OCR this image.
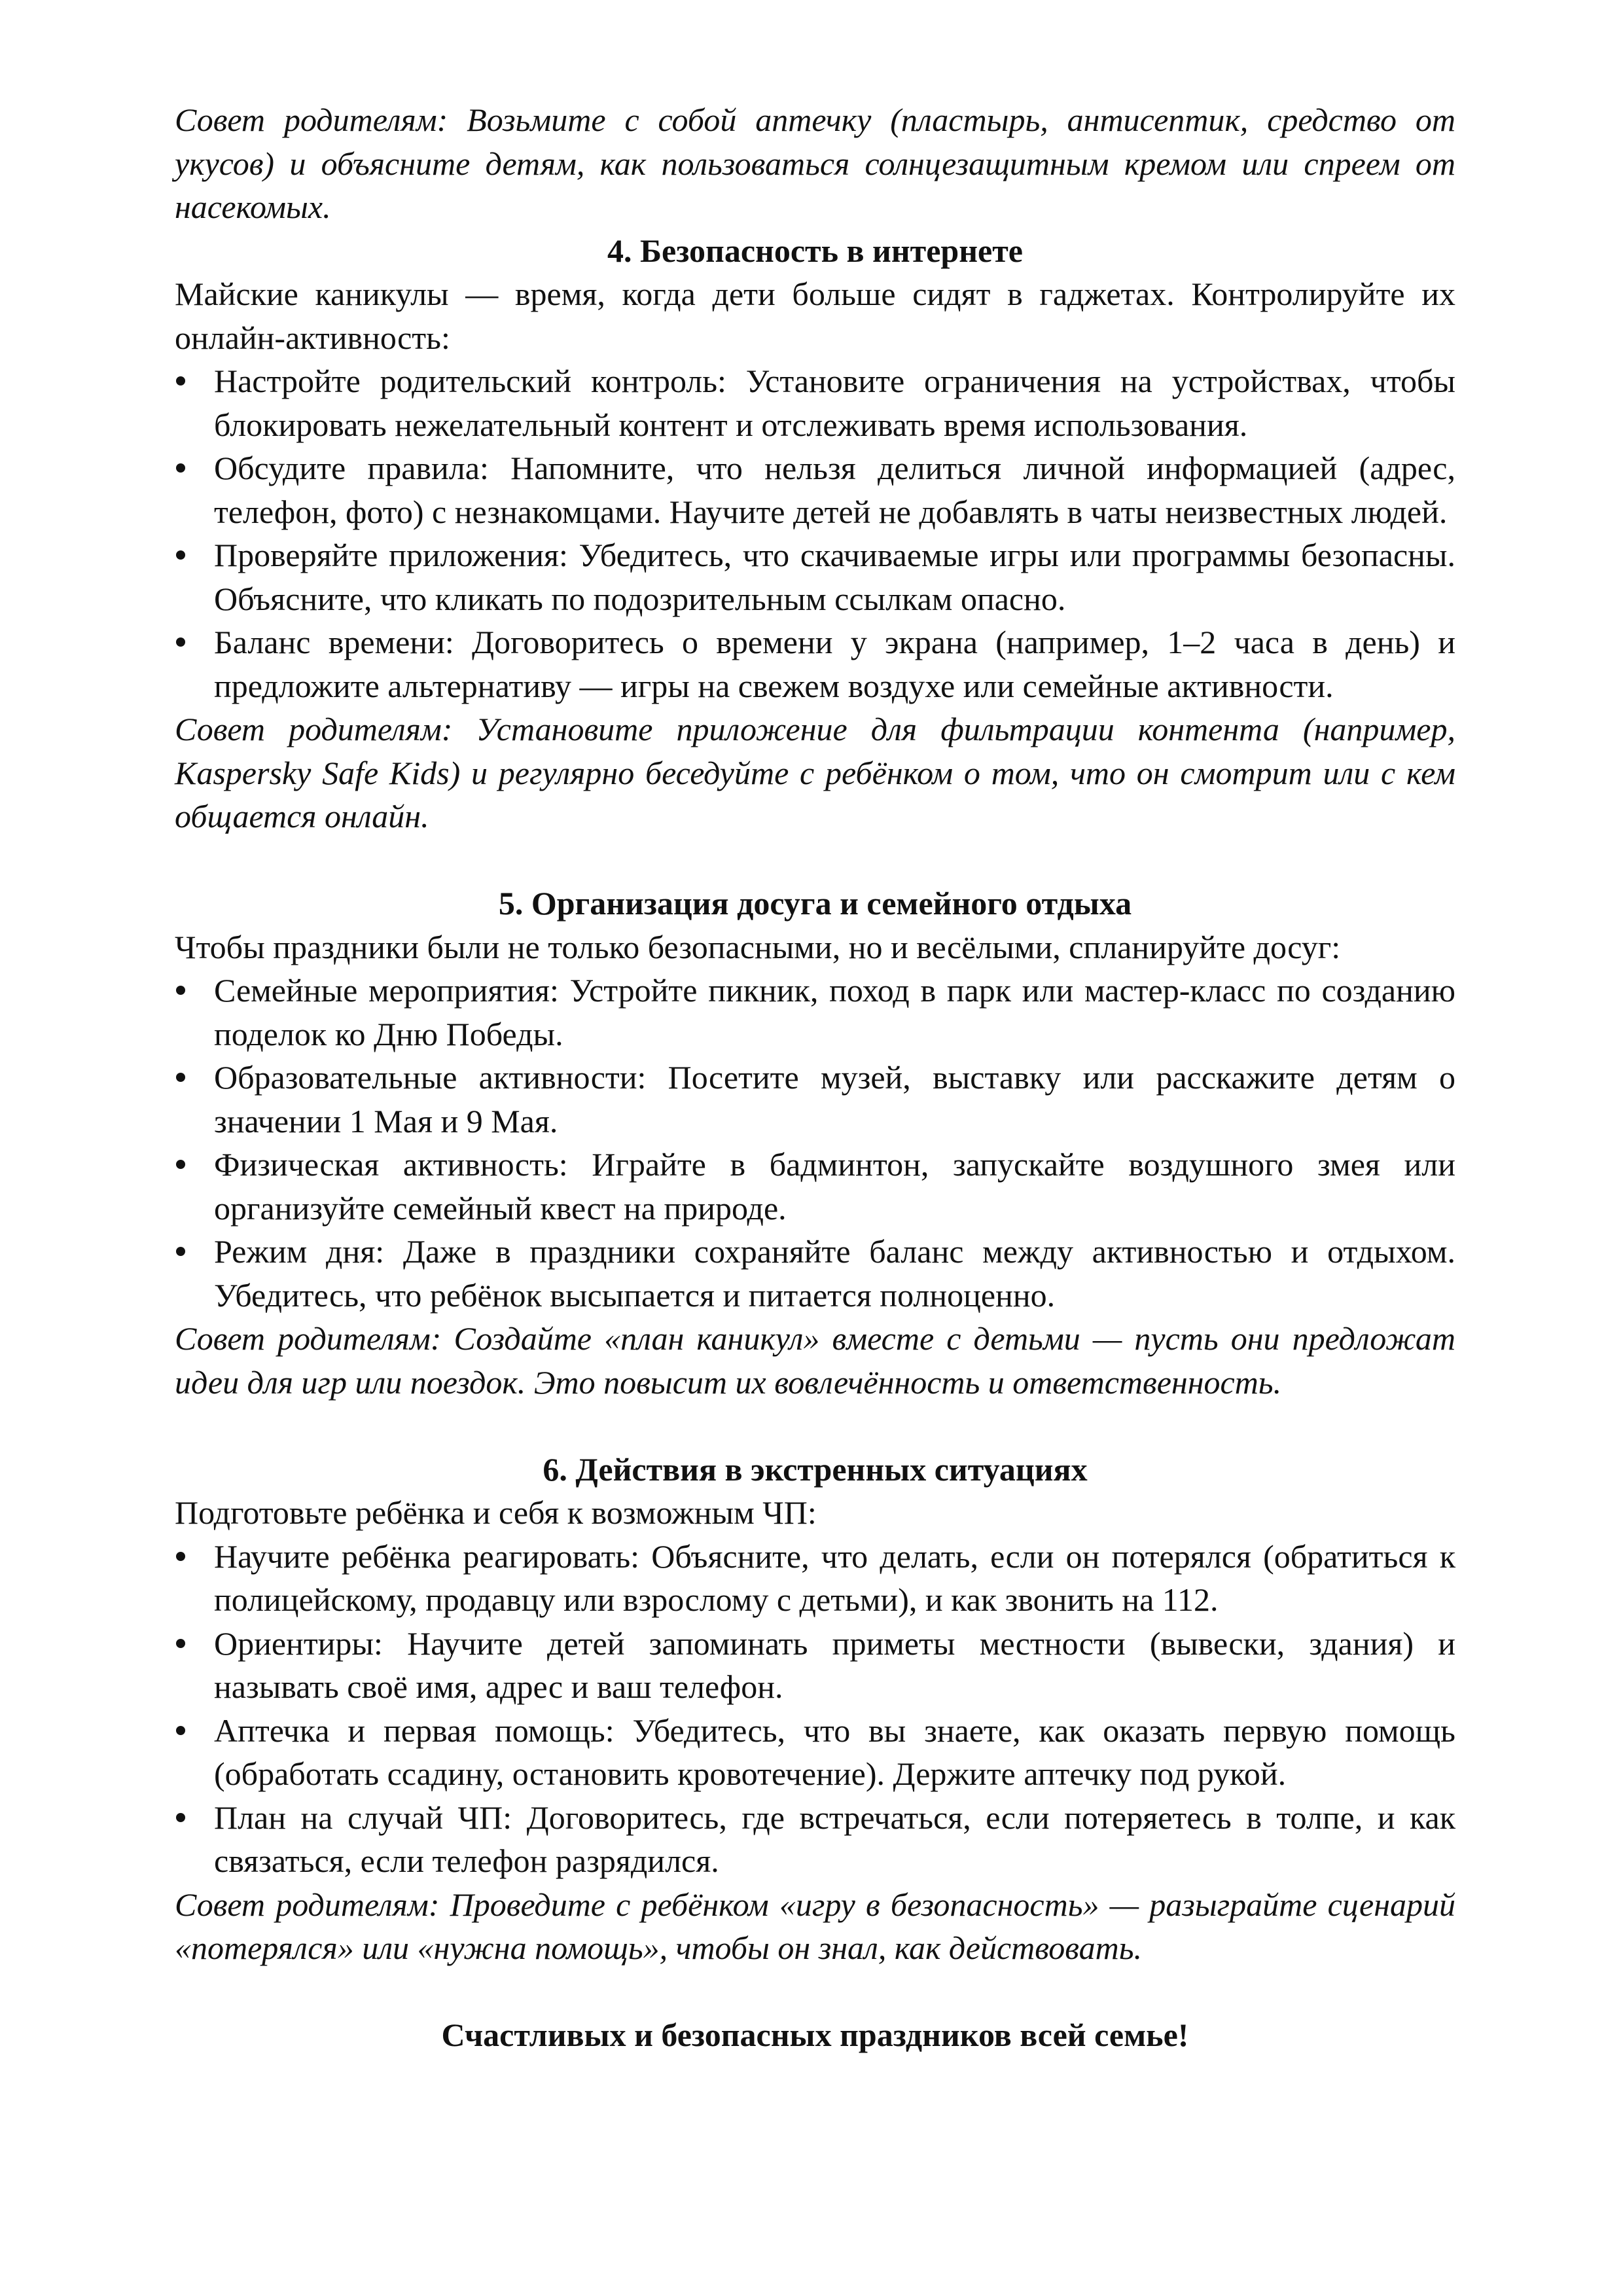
Совет родителям: Возьмите с собой аптечку (пластырь, антисептик, средство от укусов) и объясните детям, как пользоваться солнцезащитным кремом или спреем от насекомых.

4. Безопасность в интернете

Майские каникулы — время, когда дети больше сидят в гаджетах. Контролируйте их онлайн-активность:

Настройте родительский контроль: Установите ограничения на устройствах, чтобы блокировать нежелательный контент и отслеживать время использования.
Обсудите правила: Напомните, что нельзя делиться личной информацией (адрес, телефон, фото) с незнакомцами. Научите детей не добавлять в чаты неизвестных людей.
Проверяйте приложения: Убедитесь, что скачиваемые игры или программы безопасны. Объясните, что кликать по подозрительным ссылкам опасно.
Баланс времени: Договоритесь о времени у экрана (например, 1–2 часа в день) и предложите альтернативу — игры на свежем воздухе или семейные активности.

Совет родителям: Установите приложение для фильтрации контента (например, Kaspersky Safe Kids) и регулярно беседуйте с ребёнком о том, что он смотрит или с кем общается онлайн.

5. Организация досуга и семейного отдыха

Чтобы праздники были не только безопасными, но и весёлыми, спланируйте досуг:

Семейные мероприятия: Устройте пикник, поход в парк или мастер-класс по созданию поделок ко Дню Победы.
Образовательные активности: Посетите музей, выставку или расскажите детям о значении 1 Мая и 9 Мая.
Физическая активность: Играйте в бадминтон, запускайте воздушного змея или организуйте семейный квест на природе.
Режим дня: Даже в праздники сохраняйте баланс между активностью и отдыхом. Убедитесь, что ребёнок высыпается и питается полноценно.

Совет родителям: Создайте «план каникул» вместе с детьми — пусть они предложат идеи для игр или поездок. Это повысит их вовлечённость и ответственность.

6. Действия в экстренных ситуациях

Подготовьте ребёнка и себя к возможным ЧП:

Научите ребёнка реагировать: Объясните, что делать, если он потерялся (обратиться к полицейскому, продавцу или взрослому с детьми), и как звонить на 112.
Ориентиры: Научите детей запоминать приметы местности (вывески, здания) и называть своё имя, адрес и ваш телефон.
Аптечка и первая помощь: Убедитесь, что вы знаете, как оказать первую помощь (обработать ссадину, остановить кровотечение). Держите аптечку под рукой.
План на случай ЧП: Договоритесь, где встречаться, если потеряетесь в толпе, и как связаться, если телефон разрядился.

Совет родителям: Проведите с ребёнком «игру в безопасность» — разыграйте сценарий «потерялся» или «нужна помощь», чтобы он знал, как действовать.

Счастливых и безопасных праздников всей семье!
